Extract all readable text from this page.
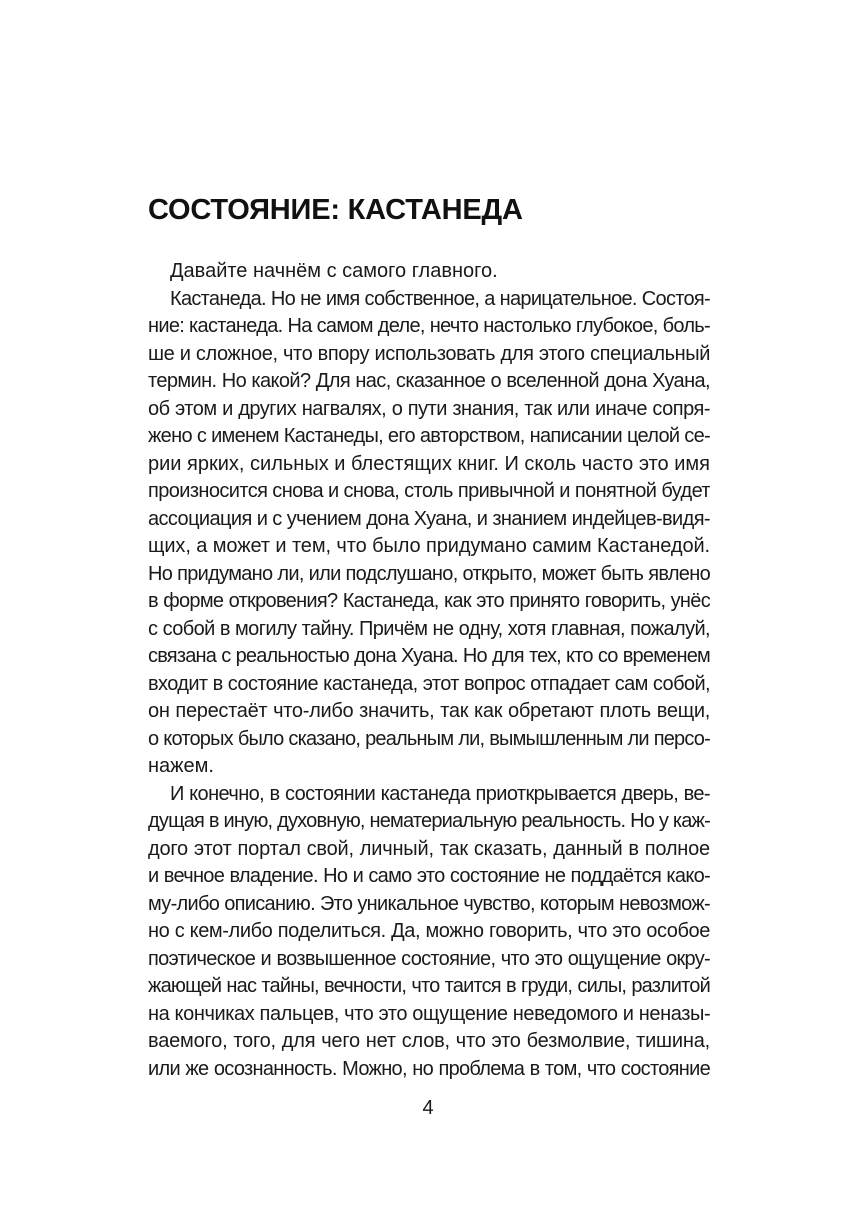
СОСТОЯНИЕ: КАСТАНЕДА
Давайте начнём с самого главного.
Кастанеда. Но не имя собственное, а нарицательное. Состоя-
ние: кастанеда. На самом деле, нечто настолько глубокое, боль-
ше и сложное, что впору использовать для этого специальный
термин. Но какой? Для нас, сказанное о вселенной дона Хуана,
об этом и других нагвалях, о пути знания, так или иначе сопря-
жено с именем Кастанеды, его авторством, написании целой се-
рии ярких, сильных и блестящих книг. И сколь часто это имя
произносится снова и снова, столь привычной и понятной будет
ассоциация и с учением дона Хуана, и знанием индейцев-видя-
щих, а может и тем, что было придумано самим Кастанедой.
Но придумано ли, или подслушано, открыто, может быть явлено
в форме откровения? Кастанеда, как это принято говорить, унёс
с собой в могилу тайну. Причём не одну, хотя главная, пожалуй,
связана с реальностью дона Хуана. Но для тех, кто со временем
входит в состояние кастанеда, этот вопрос отпадает сам собой,
он перестаёт что-либо значить, так как обретают плоть вещи,
о которых было сказано, реальным ли, вымышленным ли персо-
нажем.
И конечно, в состоянии кастанеда приоткрывается дверь, ве-
дущая в иную, духовную, нематериальную реальность. Но у каж-
дого этот портал свой, личный, так сказать, данный в полное
и вечное владение. Но и само это состояние не поддаётся како-
му-либо описанию. Это уникальное чувство, которым невозмож-
но с кем-либо поделиться. Да, можно говорить, что это особое
поэтическое и возвышенное состояние, что это ощущение окру-
жающей нас тайны, вечности, что таится в груди, силы, разлитой
на кончиках пальцев, что это ощущение неведомого и неназы-
ваемого, того, для чего нет слов, что это безмолвие, тишина,
или же осознанность. Можно, но проблема в том, что состояние
4
